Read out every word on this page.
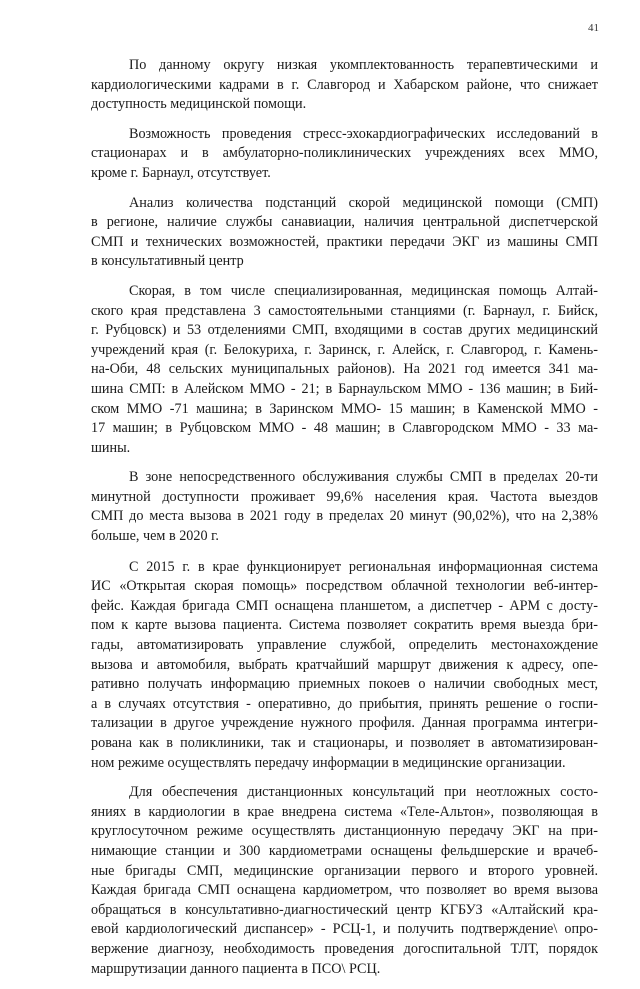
41
По данному округу низкая укомплектованность терапевтическими и
кардиологическими кадрами в г. Славгород и Хабарском районе, что снижает
доступность медицинской помощи.
Возможность проведения стресс-эхокардиографических исследований в
стационарах и в амбулаторно-поликлинических учреждениях всех ММО,
кроме г. Барнаул, отсутствует.
Анализ количества подстанций скорой медицинской помощи (СМП)
в регионе, наличие службы санавиации, наличия центральной диспетчерской
СМП и технических возможностей, практики передачи ЭКГ из машины СМП
в консультативный центр
Скорая, в том числе специализированная, медицинская помощь Алтай-
ского края представлена 3 самостоятельными станциями (г. Барнаул, г. Бийск,
г. Рубцовск) и 53 отделениями СМП, входящими в состав других медицинский
учреждений края (г. Белокуриха, г. Заринск, г. Алейск, г. Славгород, г. Камень-
на-Оби, 48 сельских муниципальных районов). На 2021 год имеется 341 ма-
шина СМП: в Алейском ММО - 21; в Барнаульском ММО - 136 машин; в Бий-
ском ММО -71 машина; в Заринском ММО- 15 машин; в Каменской ММО -
17 машин; в Рубцовском ММО - 48 машин; в Славгородском ММО - 33 ма-
шины.
В зоне непосредственного обслуживания службы СМП в пределах 20-ти
минутной доступности проживает 99,6% населения края. Частота выездов
СМП до места вызова в 2021 году в пределах 20 минут (90,02%), что на 2,38%
больше, чем в 2020 г.
С 2015 г. в крае функционирует региональная информационная система
ИС «Открытая скорая помощь» посредством облачной технологии веб-интер-
фейс. Каждая бригада СМП оснащена планшетом, а диспетчер - АРМ с досту-
пом к карте вызова пациента. Система позволяет сократить время выезда бри-
гады, автоматизировать управление службой, определить местонахождение
вызова и автомобиля, выбрать кратчайший маршрут движения к адресу, опе-
ративно получать информацию приемных покоев о наличии свободных мест,
а в случаях отсутствия - оперативно, до прибытия, принять решение о госпи-
тализации в другое учреждение нужного профиля. Данная программа интегри-
рована как в поликлиники, так и стационары, и позволяет в автоматизирован-
ном режиме осуществлять передачу информации в медицинские организации.
Для обеспечения дистанционных консультаций при неотложных состо-
яниях в кардиологии в крае внедрена система «Теле-Альтон», позволяющая в
круглосуточном режиме осуществлять дистанционную передачу ЭКГ на при-
нимающие станции и 300 кардиометрами оснащены фельдшерские и врачеб-
ные бригады СМП, медицинские организации первого и второго уровней.
Каждая бригада СМП оснащена кардиометром, что позволяет во время вызова
обращаться в консультативно-диагностический центр КГБУЗ «Алтайский кра-
евой кардиологический диспансер» - РСЦ-1, и получить подтверждение\ опро-
вержение диагнозу, необходимость проведения догоспитальной ТЛТ, порядок
маршрутизации данного пациента в ПСО\ РСЦ.
